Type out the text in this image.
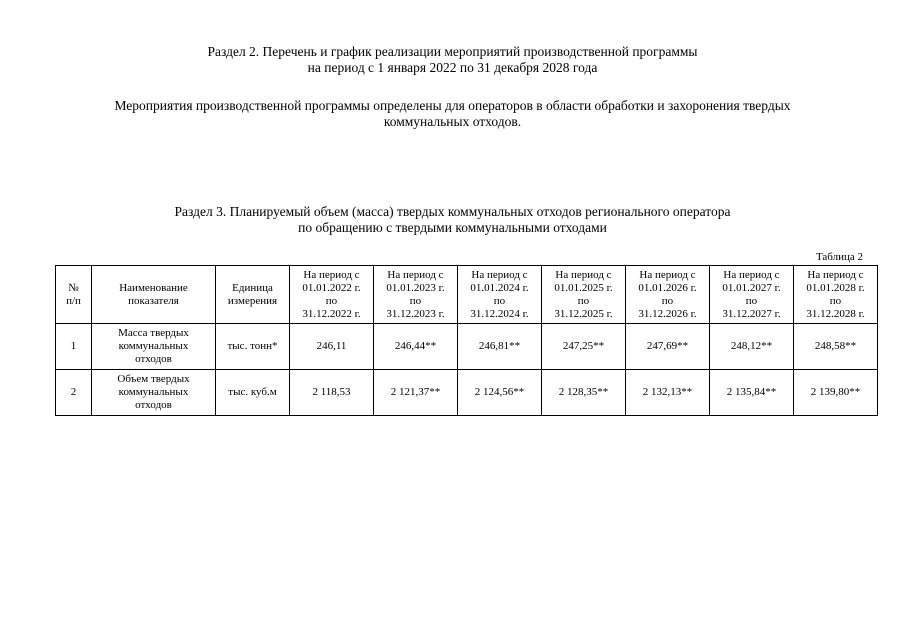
Раздел 2. Перечень и график реализации мероприятий производственной программы
на период с 1 января 2022 по 31 декабря 2028 года
Мероприятия производственной программы определены для операторов в области обработки и захоронения твердых
коммунальных отходов.
Раздел 3. Планируемый объем (масса) твердых коммунальных отходов регионального оператора
по обращению с твердыми коммунальными отходами
Таблица 2
№
п/п	Наименование
показателя	Единица
измерения	На период с
01.01.2022 г.
по
31.12.2022 г.	На период с
01.01.2023 г.
по
31.12.2023 г.	На период с
01.01.2024 г.
по
31.12.2024 г.	На период с
01.01.2025 г.
по
31.12.2025 г.	На период с
01.01.2026 г.
по
31.12.2026 г.	На период с
01.01.2027 г.
по
31.12.2027 г.	На период с
01.01.2028 г.
по
31.12.2028 г.
1	Масса твердых
коммунальных
отходов	тыс. тонн*	246,11	246,44**	246,81**	247,25**	247,69**	248,12**	248,58**
2	Объем твердых
коммунальных
отходов	тыс. куб.м	2 118,53	2 121,37**	2 124,56**	2 128,35**	2 132,13**	2 135,84**	2 139,80**
